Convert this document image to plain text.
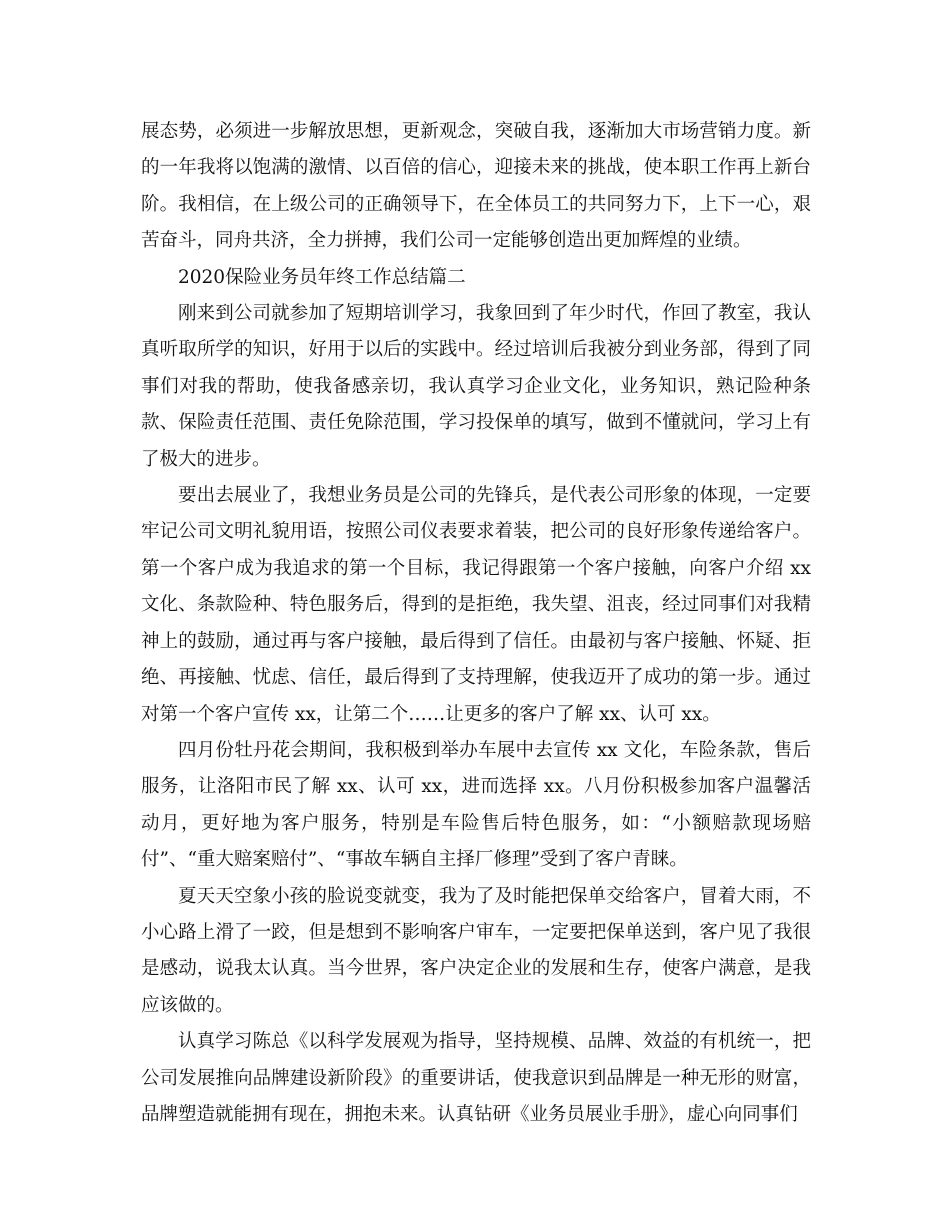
展态势，必须进一步解放思想，更新观念，突破自我，逐渐加大市场营销力度。新的一年我将以饱满的激情、以百倍的信心，迎接未来的挑战，使本职工作再上新台阶。我相信，在上级公司的正确领导下，在全体员工的共同努力下，上下一心，艰苦奋斗，同舟共济，全力拼搏，我们公司一定能够创造出更加辉煌的业绩。

2020保险业务员年终工作总结篇二

刚来到公司就参加了短期培训学习，我象回到了年少时代，作回了教室，我认真听取所学的知识，好用于以后的实践中。经过培训后我被分到业务部，得到了同事们对我的帮助，使我备感亲切，我认真学习企业文化，业务知识，熟记险种条款、保险责任范围、责任免除范围，学习投保单的填写，做到不懂就问，学习上有了极大的进步。

要出去展业了，我想业务员是公司的先锋兵，是代表公司形象的体现，一定要牢记公司文明礼貌用语，按照公司仪表要求着装，把公司的良好形象传递给客户。第一个客户成为我追求的第一个目标，我记得跟第一个客户接触，向客户介绍 xx 文化、条款险种、特色服务后，得到的是拒绝，我失望、沮丧，经过同事们对我精神上的鼓励，通过再与客户接触，最后得到了信任。由最初与客户接触、怀疑、拒绝、再接触、忧虑、信任，最后得到了支持理解，使我迈开了成功的第一步。通过对第一个客户宣传 xx，让第二个……让更多的客户了解 xx、认可 xx。

四月份牡丹花会期间，我积极到举办车展中去宣传 xx 文化，车险条款，售后服务，让洛阳市民了解 xx、认可 xx，进而选择 xx。八月份积极参加客户温馨活动月，更好地为客户服务，特别是车险售后特色服务，如：“小额赔款现场赔付”、“重大赔案赔付”、“事故车辆自主择厂修理”受到了客户青睐。

夏天天空象小孩的脸说变就变，我为了及时能把保单交给客户，冒着大雨，不小心路上滑了一跤，但是想到不影响客户审车，一定要把保单送到，客户见了我很是感动，说我太认真。当今世界，客户决定企业的发展和生存，使客户满意，是我应该做的。

认真学习陈总《以科学发展观为指导，坚持规模、品牌、效益的有机统一，把公司发展推向品牌建设新阶段》的重要讲话，使我意识到品牌是一种无形的财富，品牌塑造就能拥有现在，拥抱未来。认真钻研《业务员展业手册》，虚心向同事们
